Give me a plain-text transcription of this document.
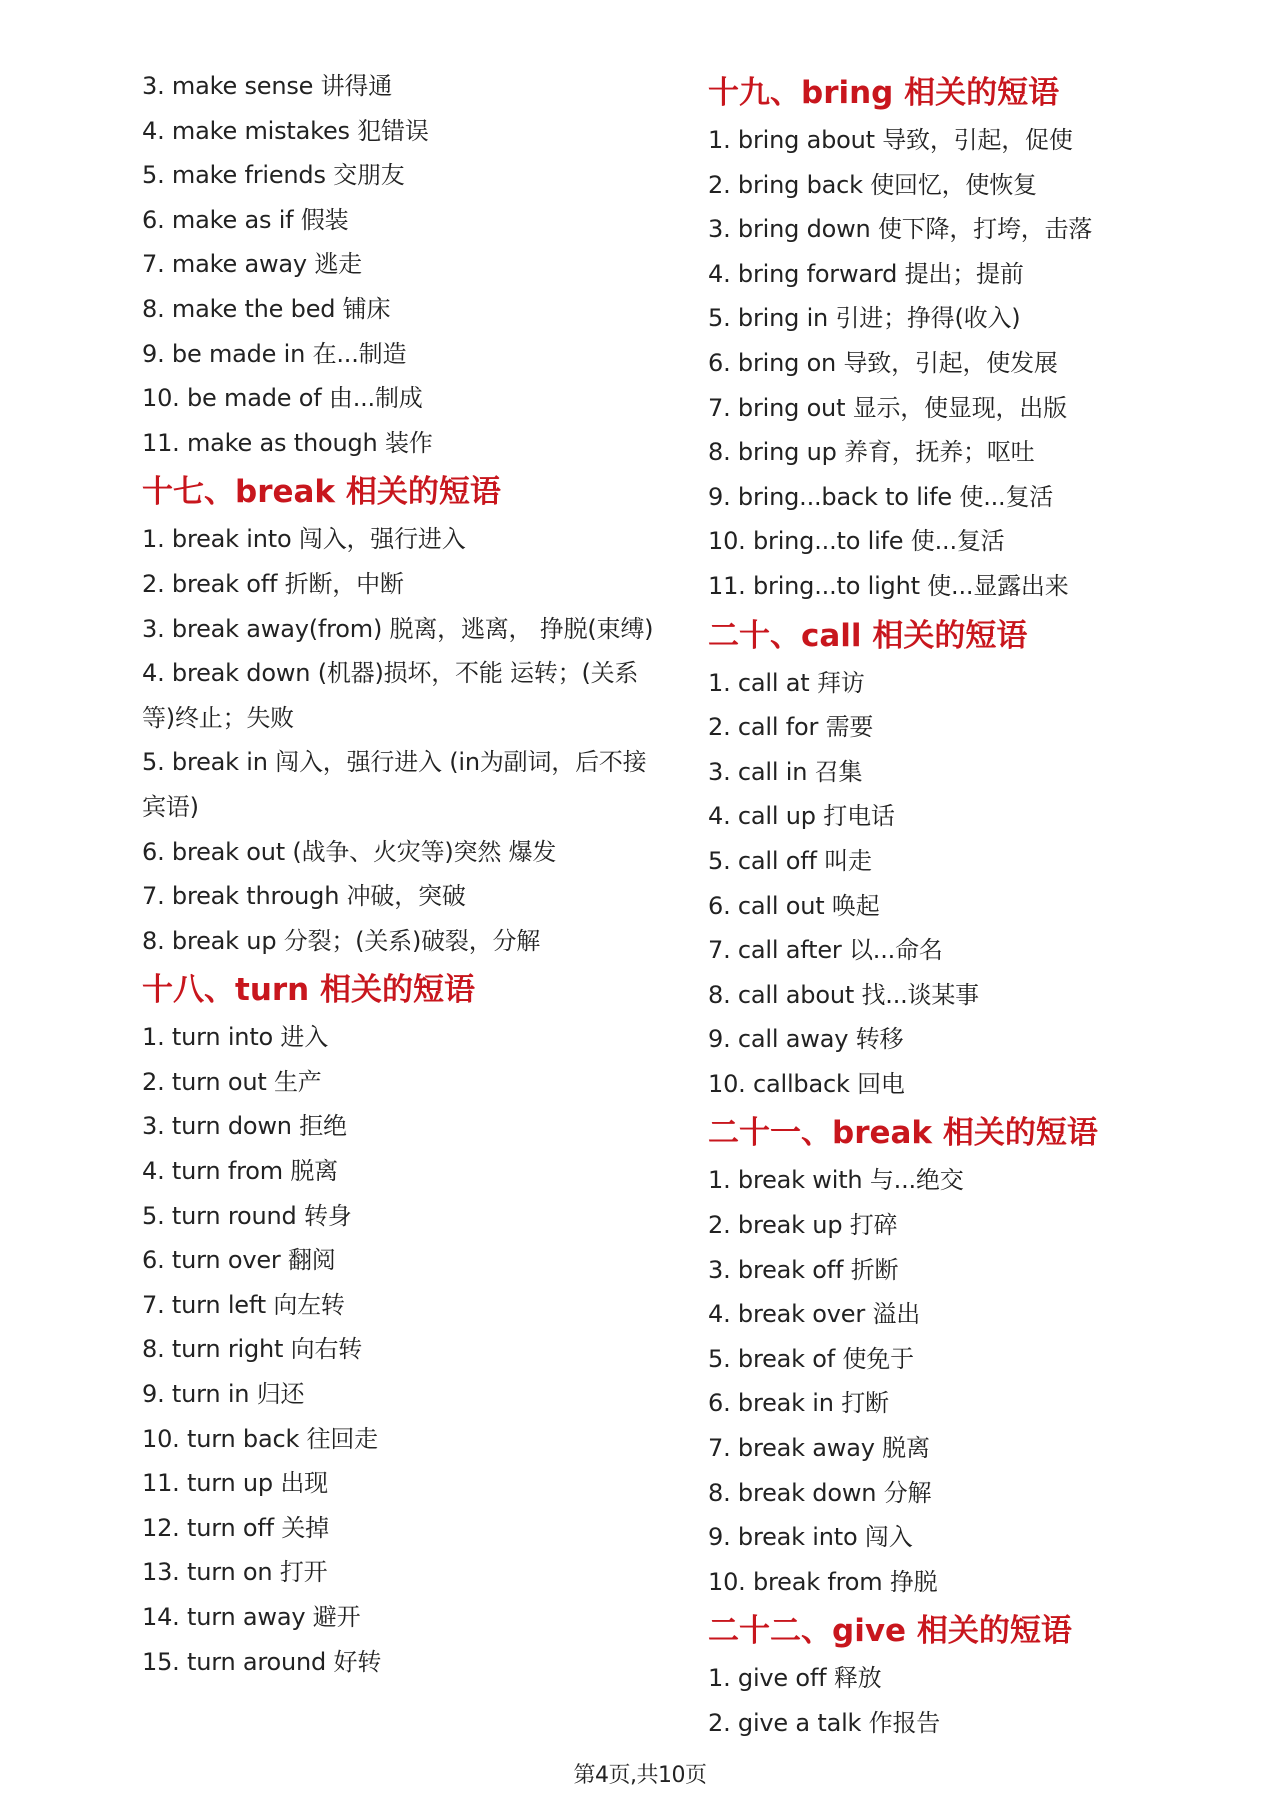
3. make sense 讲得通
4. make mistakes 犯错误
5. make friends 交朋友
6. make as if 假装
7. make away 逃走
8. make the bed 铺床
9. be made in 在...制造
10. be made of 由...制成
11. make as though 装作
十七、break 相关的短语
1. break into 闯入，强行进入
2. break off 折断，中断
3. break away(from) 脱离，逃离， 挣脱(束缚)
4. break down (机器)损坏，不能 运转；(关系等)终止；失败
5. break in 闯入，强行进入 (in为副词，后不接宾语)
6. break out (战争、火灾等)突然 爆发
7. break through 冲破，突破
8. break up 分裂；(关系)破裂，分解
十八、turn 相关的短语
1. turn into 进入
2. turn out 生产
3. turn down 拒绝
4. turn from 脱离
5. turn round 转身
6. turn over 翻阅
7. turn left 向左转
8. turn right 向右转
9. turn in 归还
10. turn back 往回走
11. turn up 出现
12. turn off 关掉
13. turn on 打开
14. turn away 避开
15. turn around 好转
十九、bring 相关的短语
1. bring about 导致，引起，促使
2. bring back 使回忆，使恢复
3. bring down 使下降，打垮，击落
4. bring forward 提出；提前
5. bring in 引进；挣得(收入)
6. bring on 导致，引起，使发展
7. bring out 显示，使显现，出版
8. bring up 养育，抚养；呕吐
9. bring...back to life 使...复活
10. bring...to life 使...复活
11. bring...to light 使...显露出来
二十、call 相关的短语
1. call at 拜访
2. call for 需要
3. call in 召集
4. call up 打电话
5. call off 叫走
6. call out 唤起
7. call after 以...命名
8. call about 找...谈某事
9. call away 转移
10. callback 回电
二十一、break 相关的短语
1. break with 与...绝交
2. break up 打碎
3. break off 折断
4. break over 溢出
5. break of 使免于
6. break in 打断
7. break away 脱离
8. break down 分解
9. break into 闯入
10. break from 挣脱
二十二、give 相关的短语
1. give off 释放
2. give a talk 作报告
第4页,共10页
